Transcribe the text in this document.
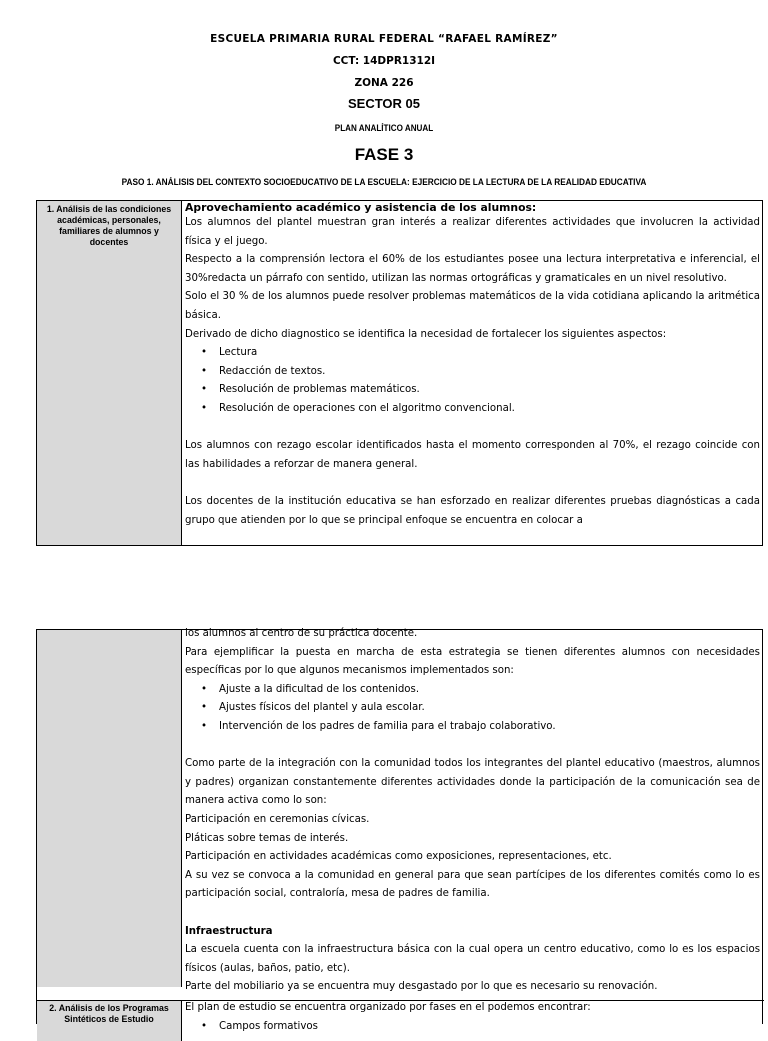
ESCUELA PRIMARIA RURAL FEDERAL “RAFAEL RAMÍREZ”
CCT: 14DPR1312I
ZONA 226
SECTOR 05
PLAN ANALÍTICO ANUAL
FASE 3
PASO 1. ANÁLISIS DEL CONTEXTO SOCIOEDUCATIVO DE LA ESCUELA: EJERCICIO DE LA LECTURA DE LA REALIDAD EDUCATIVA
1. Análisis de las condiciones académicas, personales, familiares de alumnos y docentes

Aprovechamiento académico y asistencia de los alumnos:

Los alumnos del plantel muestran gran interés a realizar diferentes actividades que involucren la actividad física y el juego.

Respecto a la comprensión lectora el 60% de los estudiantes posee una lectura interpretativa e inferencial, el 30%redacta un párrafo con sentido, utilizan las normas ortográficas y gramaticales en un nivel resolutivo.

Solo el 30 % de los alumnos puede resolver problemas matemáticos de la vida cotidiana aplicando la aritmética básica.

Derivado de dicho diagnostico se identifica la necesidad de fortalecer los siguientes aspectos:

• Lectura
• Redacción de textos.
• Resolución de problemas matemáticos.
• Resolución de operaciones con el algoritmo convencional.

Los alumnos con rezago escolar identificados hasta el momento corresponden al 70%, el rezago coincide con las habilidades a reforzar de manera general.

Los docentes de la institución educativa se han esforzado en realizar diferentes pruebas diagnósticas a cada grupo que atienden por lo que se principal enfoque se encuentra en colocar a

los alumnos al centro de su práctica docente.

Para ejemplificar la puesta en marcha de esta estrategia se tienen diferentes alumnos con necesidades específicas por lo que algunos mecanismos implementados son:

• Ajuste a la dificultad de los contenidos.
• Ajustes físicos del plantel y aula escolar.
• Intervención de los padres de familia para el trabajo colaborativo.

Como parte de la integración con la comunidad todos los integrantes del plantel educativo (maestros, alumnos y padres) organizan constantemente diferentes actividades donde la participación de la comunicación sea de manera activa como lo son:

Participación en ceremonias cívicas.

Pláticas sobre temas de interés.

Participación en actividades académicas como exposiciones, representaciones, etc.

A su vez se convoca a la comunidad en general para que sean partícipes de los diferentes comités como lo es participación social, contraloría, mesa de padres de familia.

Infraestructura

La escuela cuenta con la infraestructura básica con la cual opera un centro educativo, como lo es los espacios físicos (aulas, baños, patio, etc).

Parte del mobiliario ya se encuentra muy desgastado por lo que es necesario su renovación.

2. Análisis de los Programas Sintéticos de Estudio

El plan de estudio se encuentra organizado por fases en el podemos encontrar:

• Campos formativos
